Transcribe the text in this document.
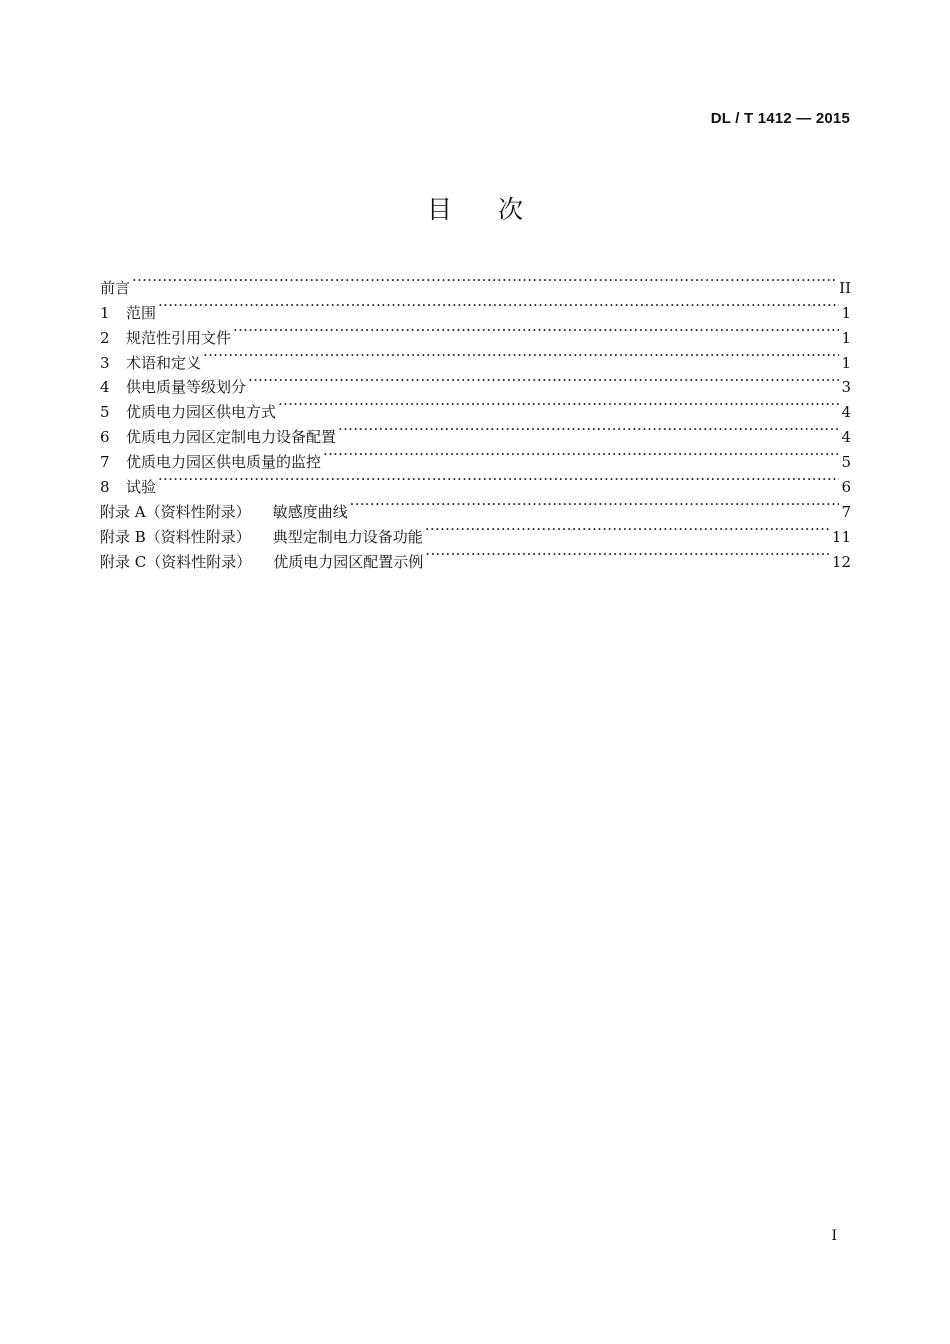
DL / T 1412 — 2015
目次
前言 ·····	II
1	范围 ·····	1
2	规范性引用文件 ·····	1
3	术语和定义 ·····	1
4	供电质量等级划分 ·····	3
5	优质电力园区供电方式 ·····	4
6	优质电力园区定制电力设备配置 ·····	4
7	优质电力园区供电质量的监控 ·····	5
8	试验 ·····	6
附录 A（资料性附录） 敏感度曲线 ·····	7
附录 B（资料性附录） 典型定制电力设备功能 ·····	11
附录 C（资料性附录） 优质电力园区配置示例 ·····	12
I
